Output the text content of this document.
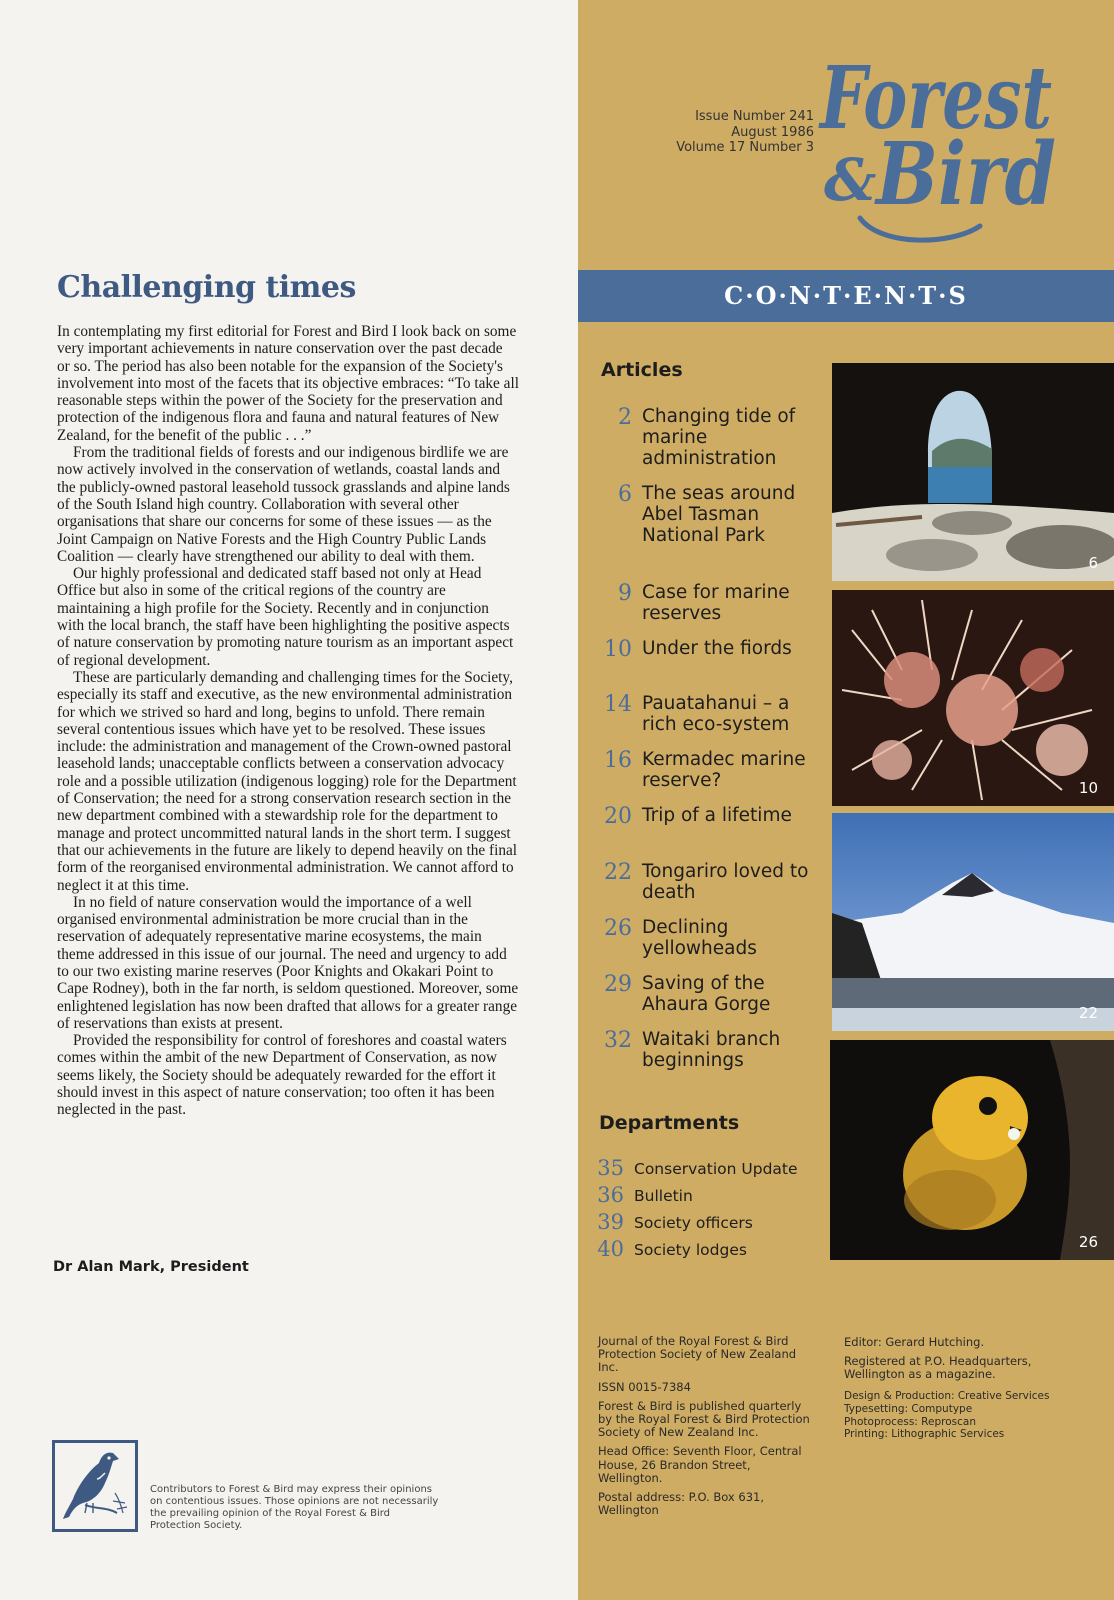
Challenging times

In contemplating my first editorial for Forest and Bird I look back on some very important achievements in nature conservation over the past decade or so. The period has also been notable for the expansion of the Society's involvement into most of the facets that its objective embraces: “To take all reasonable steps within the power of the Society for the preservation and protection of the indigenous flora and fauna and natural features of New Zealand, for the benefit of the public . . .”

From the traditional fields of forests and our indigenous birdlife we are now actively involved in the conservation of wetlands, coastal lands and the publicly-owned pastoral leasehold tussock grasslands and alpine lands of the South Island high country. Collaboration with several other organisations that share our concerns for some of these issues — as the Joint Campaign on Native Forests and the High Country Public Lands Coalition — clearly have strengthened our ability to deal with them.

Our highly professional and dedicated staff based not only at Head Office but also in some of the critical regions of the country are maintaining a high profile for the Society. Recently and in conjunction with the local branch, the staff have been highlighting the positive aspects of nature conservation by promoting nature tourism as an important aspect of regional development.

These are particularly demanding and challenging times for the Society, especially its staff and executive, as the new environmental administration for which we strived so hard and long, begins to unfold. There remain several contentious issues which have yet to be resolved. These issues include: the administration and management of the Crown-owned pastoral leasehold lands; unacceptable conflicts between a conservation advocacy role and a possible utilization (indigenous logging) role for the Department of Conservation; the need for a strong conservation research section in the new department combined with a stewardship role for the department to manage and protect uncommitted natural lands in the short term. I suggest that our achievements in the future are likely to depend heavily on the final form of the reorganised environmental administration. We cannot afford to neglect it at this time.

In no field of nature conservation would the importance of a well organised environmental administration be more crucial than in the reservation of adequately representative marine ecosystems, the main theme addressed in this issue of our journal. The need and urgency to add to our two existing marine reserves (Poor Knights and Okakari Point to Cape Rodney), both in the far north, is seldom questioned. Moreover, some enlightened legislation has now been drafted that allows for a greater range of reservations than exists at present.

Provided the responsibility for control of foreshores and coastal waters comes within the ambit of the new Department of Conservation, as now seems likely, the Society should be adequately rewarded for the effort it should invest in this aspect of nature conservation; too often it has been neglected in the past.

Dr Alan Mark, President
Contributors to Forest & Bird may express their opinions on contentious issues. Those opinions are not necessarily the prevailing opinion of the Royal Forest & Bird Protection Society.
Issue Number 241
August 1986
Volume 17 Number 3 Forest
&
Bird
C·O·N·T·E·N·T·S
Articles
2 Changing tide of marine administration
6 The seas around Abel Tasman National Park
9 Case for marine reserves
10 Under the fiords
14 Pauatahanui – a rich eco-system
16 Kermadec marine reserve?
20 Trip of a lifetime
22 Tongariro loved to death
26 Declining yellowheads
29 Saving of the Ahaura Gorge
32 Waitaki branch beginnings
Departments
35 Conservation Update
36 Bulletin
39 Society officers
40 Society lodges
6
10
22
26

Journal of the Royal Forest & Bird Protection Society of New Zealand Inc.

ISSN 0015-7384

Forest & Bird is published quarterly by the Royal Forest & Bird Protection Society of New Zealand Inc.

Head Office: Seventh Floor, Central House, 26 Brandon Street, Wellington.

Postal address: P.O. Box 631, Wellington

Editor: Gerard Hutching.

Registered at P.O. Headquarters, Wellington as a magazine.

Design & Production: Creative Services
Typesetting: Computype
Photoprocess: Reproscan
Printing: Lithographic Services
